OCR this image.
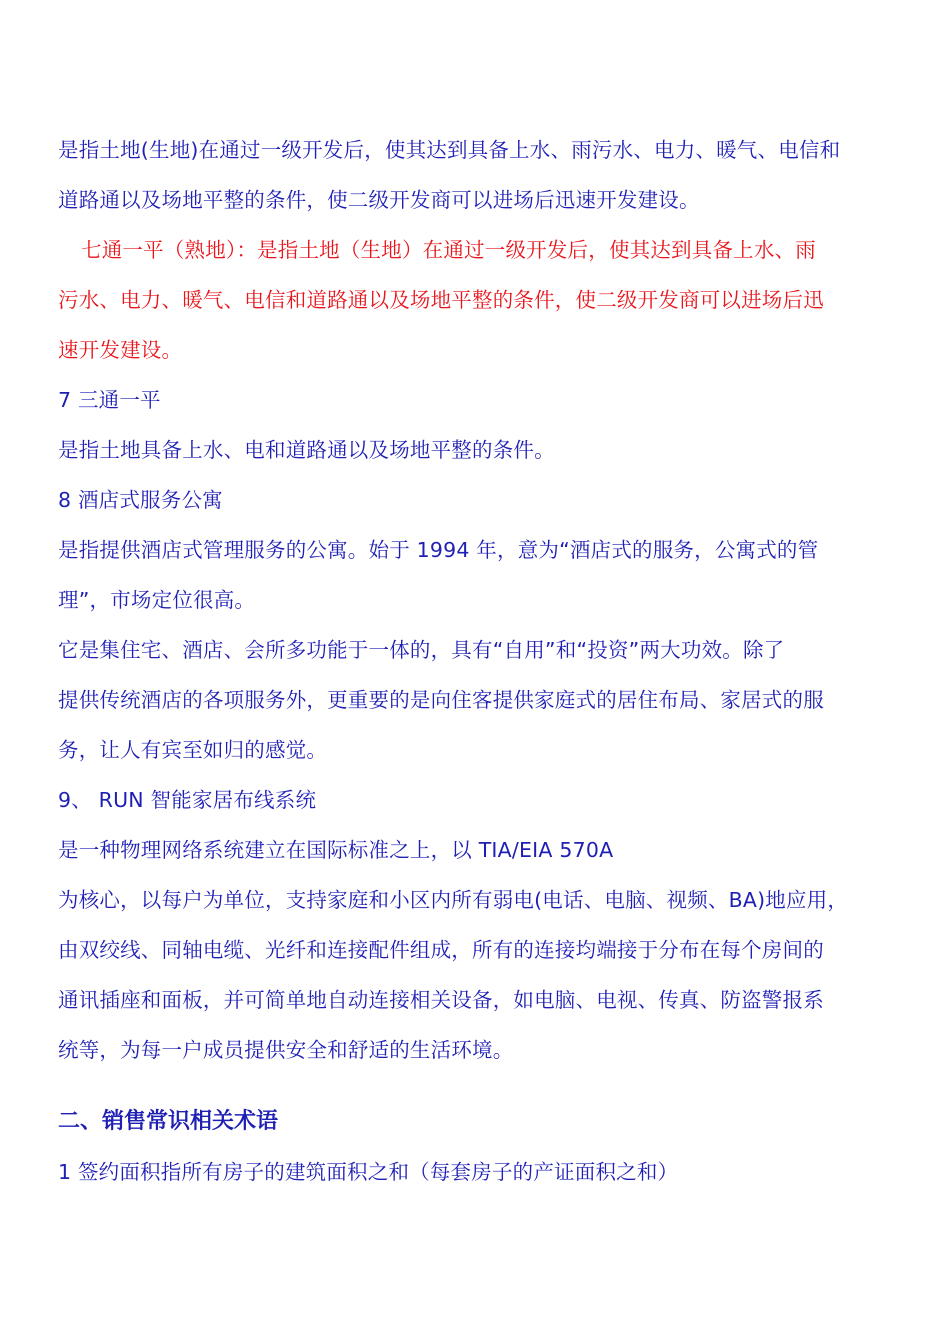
是指土地(生地)在通过一级开发后，使其达到具备上水、雨污水、电力、暖气、电信和
道路通以及场地平整的条件，使二级开发商可以进场后迅速开发建设。
七通一平（熟地）：是指土地（生地）在通过一级开发后，使其达到具备上水、雨
污水、电力、暖气、电信和道路通以及场地平整的条件，使二级开发商可以进场后迅
速开发建设。
7 三通一平
是指土地具备上水、电和道路通以及场地平整的条件。
8 酒店式服务公寓
是指提供酒店式管理服务的公寓。始于 1994 年，意为“酒店式的服务，公寓式的管
理”，市场定位很高。
它是集住宅、酒店、会所多功能于一体的，具有“自用”和“投资”两大功效。除了
提供传统酒店的各项服务外，更重要的是向住客提供家庭式的居住布局、家居式的服
务，让人有宾至如归的感觉。
9、 RUN 智能家居布线系统
是一种物理网络系统建立在国际标准之上，以 TIA/EIA 570A
为核心，以每户为单位，支持家庭和小区内所有弱电(电话、电脑、视频、BA)地应用，
由双绞线、同轴电缆、光纤和连接配件组成，所有的连接均端接于分布在每个房间的
通讯插座和面板，并可简单地自动连接相关设备，如电脑、电视、传真、防盗警报系
统等，为每一户成员提供安全和舒适的生活环境。
二、销售常识相关术语
1 签约面积指所有房子的建筑面积之和（每套房子的产证面积之和）
